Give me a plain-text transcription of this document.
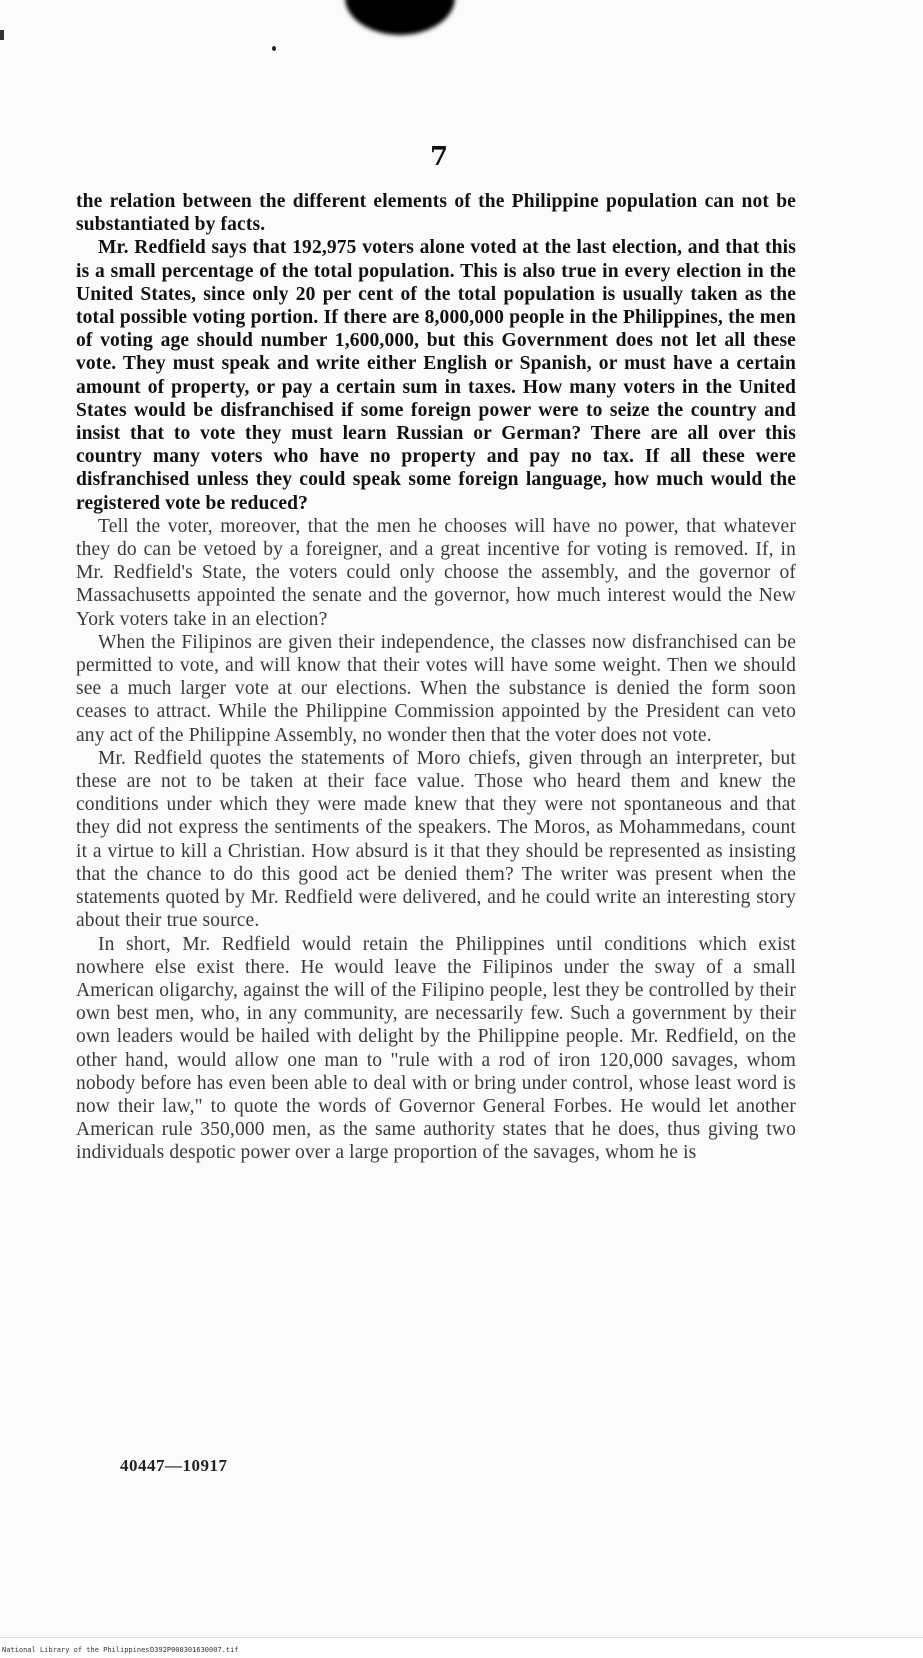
7

the relation between the different elements of the Philippine population can not be substantiated by facts.

Mr. Redfield says that 192,975 voters alone voted at the last election, and that this is a small percentage of the total population. This is also true in every election in the United States, since only 20 per cent of the total population is usually taken as the total possible voting portion. If there are 8,000,000 people in the Philippines, the men of voting age should number 1,600,000, but this Government does not let all these vote. They must speak and write either English or Spanish, or must have a certain amount of property, or pay a certain sum in taxes. How many voters in the United States would be disfranchised if some foreign power were to seize the country and insist that to vote they must learn Russian or German? There are all over this country many voters who have no property and pay no tax. If all these were disfranchised unless they could speak some foreign language, how much would the registered vote be reduced?

Tell the voter, moreover, that the men he chooses will have no power, that whatever they do can be vetoed by a foreigner, and a great incentive for voting is removed. If, in Mr. Redfield's State, the voters could only choose the assembly, and the governor of Massachusetts appointed the senate and the governor, how much interest would the New York voters take in an election?

When the Filipinos are given their independence, the classes now disfranchised can be permitted to vote, and will know that their votes will have some weight. Then we should see a much larger vote at our elections. When the substance is denied the form soon ceases to attract. While the Philippine Commission appointed by the President can veto any act of the Philippine Assembly, no wonder then that the voter does not vote.

Mr. Redfield quotes the statements of Moro chiefs, given through an interpreter, but these are not to be taken at their face value. Those who heard them and knew the conditions under which they were made knew that they were not spontaneous and that they did not express the sentiments of the speakers. The Moros, as Mohammedans, count it a virtue to kill a Christian. How absurd is it that they should be represented as insisting that the chance to do this good act be denied them? The writer was present when the statements quoted by Mr. Redfield were delivered, and he could write an interesting story about their true source.

In short, Mr. Redfield would retain the Philippines until conditions which exist nowhere else exist there. He would leave the Filipinos under the sway of a small American oligarchy, against the will of the Filipino people, lest they be controlled by their own best men, who, in any community, are necessarily few. Such a government by their own leaders would be hailed with delight by the Philippine people. Mr. Redfield, on the other hand, would allow one man to "rule with a rod of iron 120,000 savages, whom nobody before has even been able to deal with or bring under control, whose least word is now their law," to quote the words of Governor General Forbes. He would let another American rule 350,000 men, as the same authority states that he does, thus giving two individuals despotic power over a large proportion of the savages, whom he is

40447—10917
National Library of the Philippines D392P000301630007.tif
